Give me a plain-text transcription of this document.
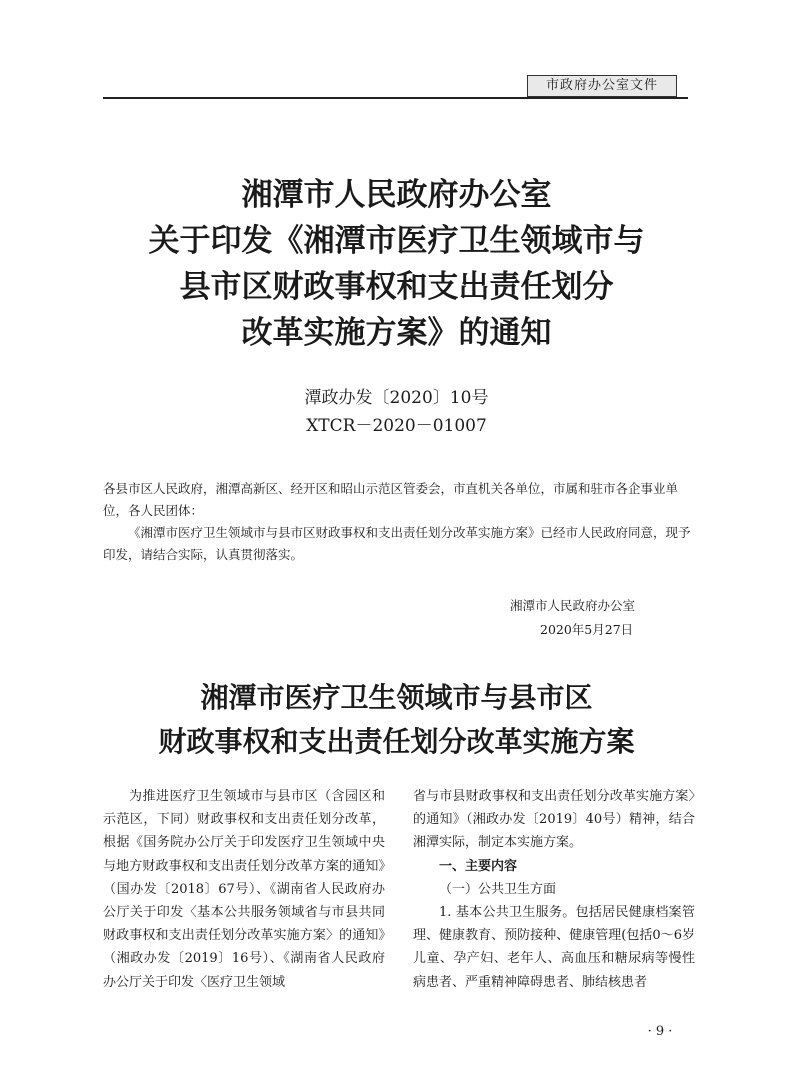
市政府办公室文件
湘潭市人民政府办公室
关于印发《湘潭市医疗卫生领域市与
县市区财政事权和支出责任划分
改革实施方案》的通知
潭政办发〔2020〕10号
XTCR－2020－01007

各县市区人民政府，湘潭高新区、经开区和昭山示范区管委会，市直机关各单位，市属和驻市各企事业单位，各人民团体：

《湘潭市医疗卫生领域市与县市区财政事权和支出责任划分改革实施方案》已经市人民政府同意，现予印发，请结合实际，认真贯彻落实。

湘潭市人民政府办公室
2020年5月27日
湘潭市医疗卫生领域市与县市区
财政事权和支出责任划分改革实施方案

为推进医疗卫生领域市与县市区（含园区和示范区，下同）财政事权和支出责任划分改革，根据《国务院办公厅关于印发医疗卫生领域中央与地方财政事权和支出责任划分改革方案的通知》（国办发〔2018〕67号）、《湖南省人民政府办公厅关于印发〈基本公共服务领域省与市县共同财政事权和支出责任划分改革实施方案〉的通知》（湘政办发〔2019〕16号）、《湖南省人民政府办公厅关于印发〈医疗卫生领域

省与市县财政事权和支出责任划分改革实施方案〉的通知》（湘政办发〔2019〕40号）精神，结合湘潭实际，制定本实施方案。

一、主要内容

（一）公共卫生方面

1. 基本公共卫生服务。包括居民健康档案管理、健康教育、预防接种、健康管理(包括0～6岁儿童、孕产妇、老年人、高血压和糖尿病等慢性病患者、严重精神障碍患者、肺结核患者

· 9 ·
